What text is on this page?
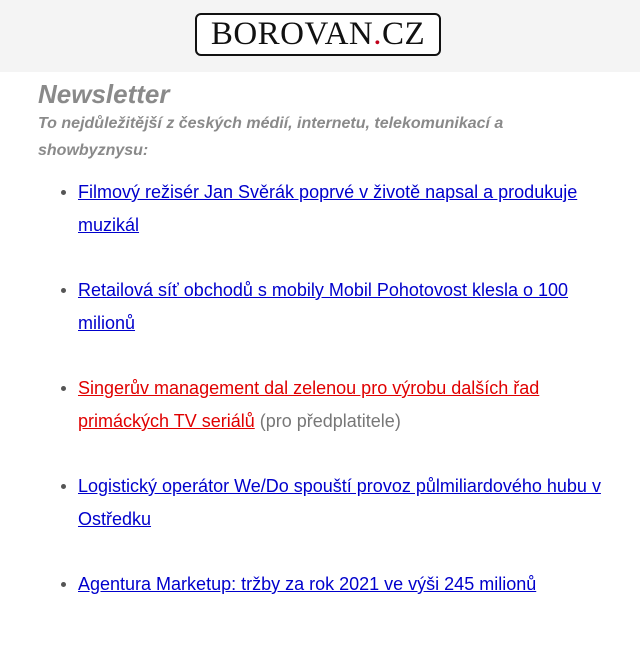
BOROVAN . CZ
Newsletter

To nejdůležitější z českých médií, internetu, telekomunikací a showbyznysu:

Filmový režisér Jan Svěrák poprvé v životě napsal a produkuje muzikál
Retailová síť obchodů s mobily Mobil Pohotovost klesla o 100 milionů
Singerův management dal zelenou pro výrobu dalších řad primáckých TV seriálů (pro předplatitele)
Logistický operátor We/Do spouští provoz půlmiliardového hubu v Ostředku
Agentura Marketup: tržby za rok 2021 ve výši 245 milionů
